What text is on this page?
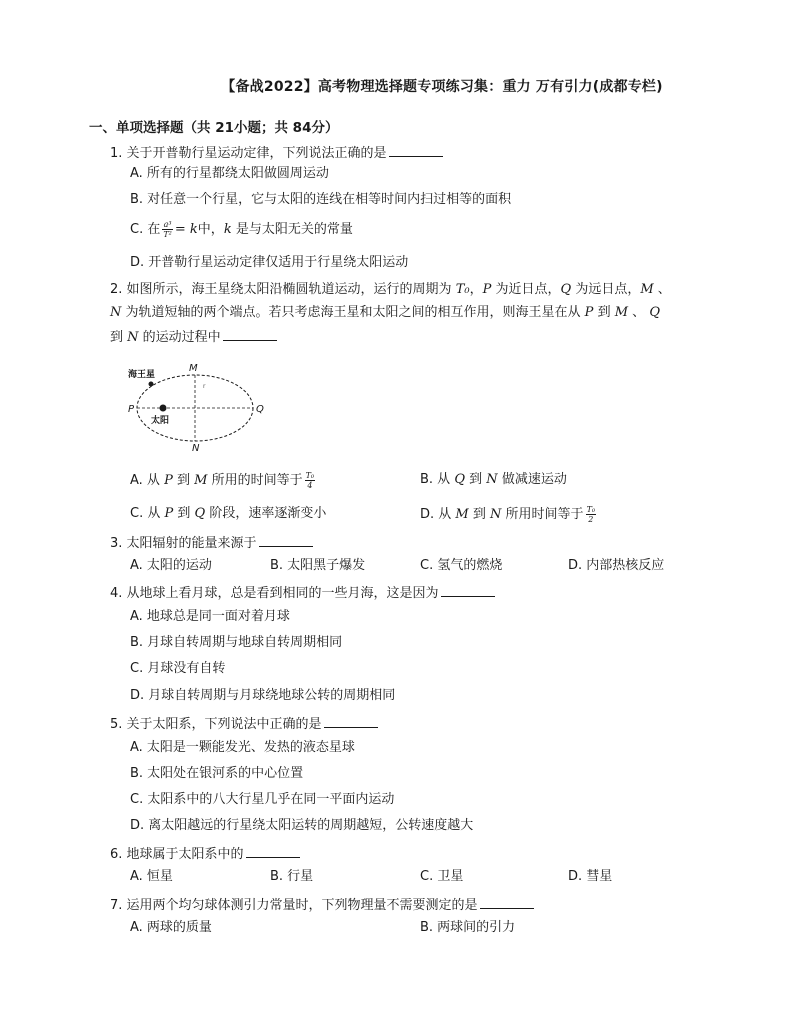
【备战2022】高考物理选择题专项练习集：重力 万有引力(成都专栏)
一、单项选择题（共 21小题；共 84分）
1. 关于开普勒行星运动定律，下列说法正确的是
A. 所有的行星都绕太阳做圆周运动
B. 对任意一个行星，它与太阳的连线在相等时间内扫过相等的面积
C. 在 $\frac{\text{a³}}{\text{T²}} = k$中，k 是与太阳无关的常量
D. 开普勒行星运动定律仅适用于行星绕太阳运动
2. 如图所示，海王星绕太阳沿椭圆轨道运动，运行的周期为 T₀，P 为近日点，Q 为远日点，M 、
N 为轨道短轴的两个端点。若只考虑海王星和太阳之间的相互作用，则海王星在从 P 到 M 、 Q
到 N 的运动过程中
海王星
太阳
P	Q
M
N
r
A. 从 P 到 M 所用的时间等于 $\frac{\text{T₀}}{4}$	B. 从 Q 到 N 做减速运动
C. 从 P 到 Q 阶段，速率逐渐变小	D. 从 M 到 N 所用时间等于 $\frac{\text{T₀}}{2}$
3. 太阳辐射的能量来源于
A. 太阳的运动	B. 太阳黑子爆发	C. 氢气的燃烧	D. 内部热核反应
4. 从地球上看月球，总是看到相同的一些月海，这是因为
A. 地球总是同一面对着月球
B. 月球自转周期与地球自转周期相同
C. 月球没有自转
D. 月球自转周期与月球绕地球公转的周期相同
5. 关于太阳系，下列说法中正确的是
A. 太阳是一颗能发光、发热的液态星球
B. 太阳处在银河系的中心位置
C. 太阳系中的八大行星几乎在同一平面内运动
D. 离太阳越远的行星绕太阳运转的周期越短，公转速度越大
6. 地球属于太阳系中的
A. 恒星	B. 行星	C. 卫星	D. 彗星
7. 运用两个均匀球体测引力常量时，下列物理量不需要测定的是
A. 两球的质量	B. 两球间的引力
